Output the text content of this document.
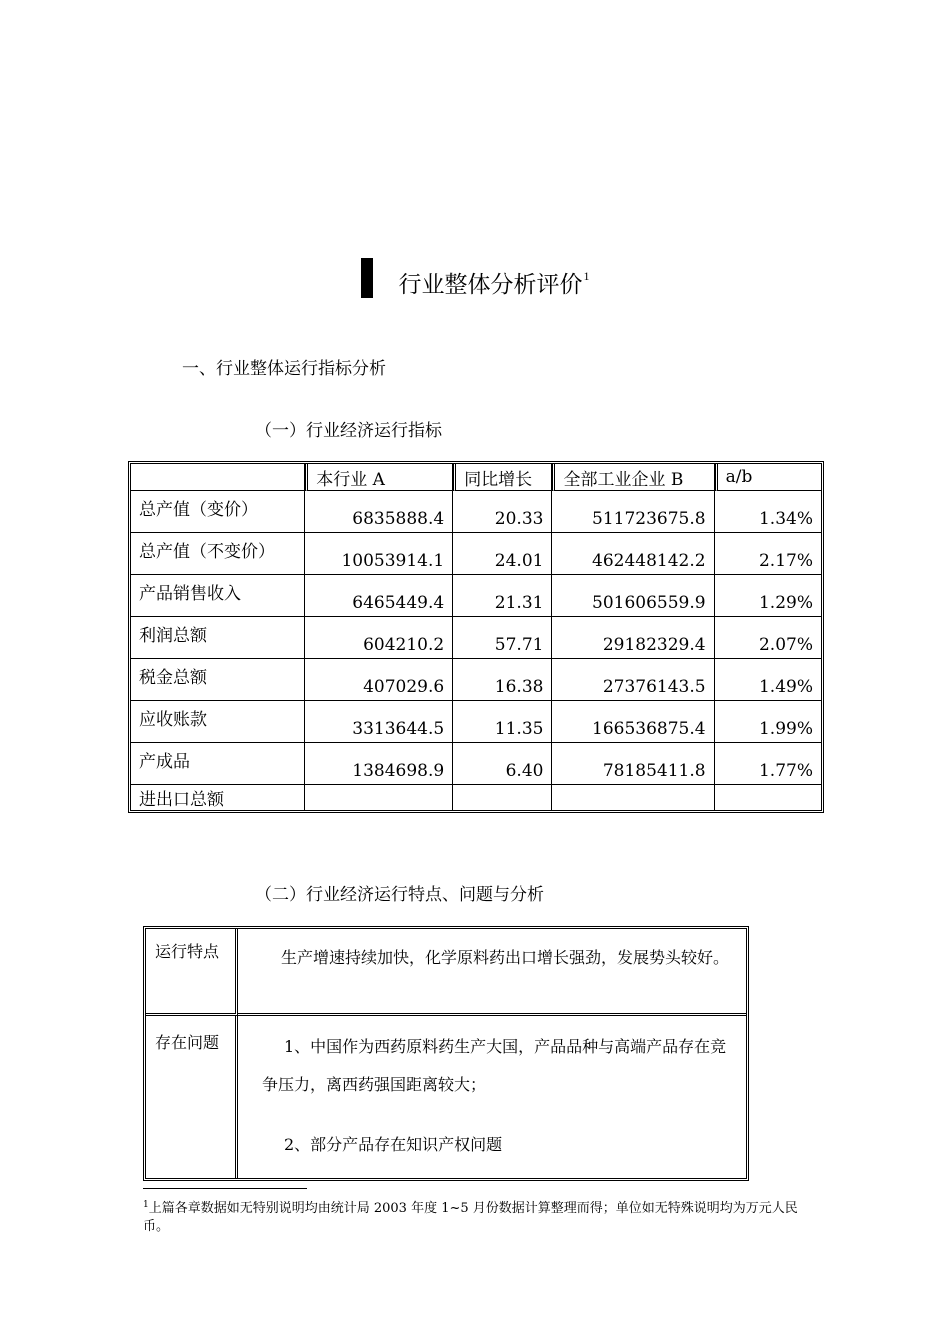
行业整体分析评价$^1$
一、行业整体运行指标分析
（一）行业经济运行指标
	本行业 A	同比增长	全部工业企业 B	a/b
总产值（变价）	6835888.4	20.33	511723675.8	1.34%
总产值（不变价）	10053914.1	24.01	462448142.2	2.17%
产品销售收入	6465449.4	21.31	501606559.9	1.29%
利润总额	604210.2	57.71	29182329.4	2.07%
税金总额	407029.6	16.38	27376143.5	1.49%
应收账款	3313644.5	11.35	166536875.4	1.99%
产成品	1384698.9	6.40	78185411.8	1.77%
进出口总额				
（二）行业经济运行特点、问题与分析
运行特点	生产增速持续加快，化学原料药出口增长强劲，发展势头较好。
存在问题	1、中国作为西药原料药生产大国，产品品种与高端产品存在竞争压力，离西药强国距离较大；
2、部分产品存在知识产权问题
$^1$上篇各章数据如无特别说明均由统计局 2003 年度 1~5 月份数据计算整理而得；单位如无特殊说明均为万元人民币。
